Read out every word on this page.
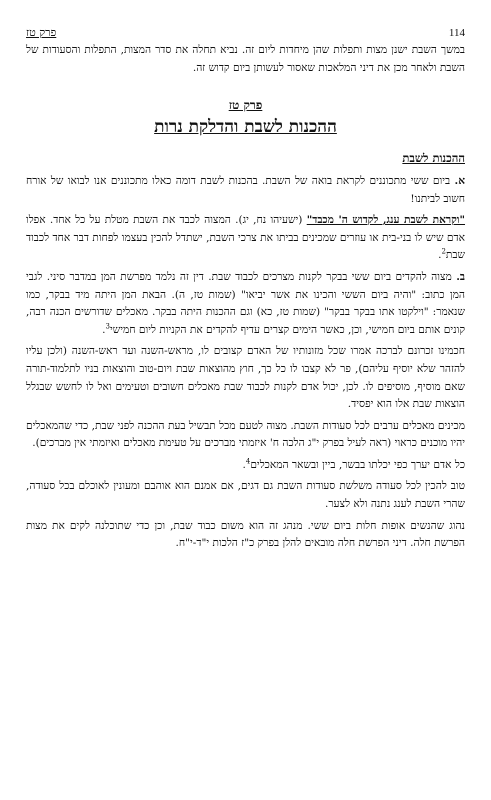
פרק טז	114

במשך השבת ישנן מצות ותפלות שהן מיחדות ליום זה. נביא תחלה את סדר המצות, התפלות והסעודות של השבת ולאחר מכן את דיני המלאכות שאסור לעשותן ביום קדוש זה.

פרק טז
ההכנות לשבת והדלקת נרות
ההכנות לשבת

א. ביום ששי מתכוננים לקראת בואה של השבת. בהכנות לשבת דומה כאלו מתכוננים אנו לבואו של אורח חשוב לביתנו!

"וקראת לשבת ענג, לקדוש ה' מכבד" (ישעיהו נח, יג). המצוה לכבד את השבת מטלת על כל אחד. אפלו אדם שיש לו בני-בית או עוזרים שמכינים בביתו את צרכי השבת, ישתדל להכין בעצמו לפחות דבר אחד לכבוד שבת$^2$.

ב. מצוה להקדים ביום ששי בבקר לקנות מצרכים לכבוד שבת. דין זה נלמד מפרשת המן במדבר סיני. לגבי המן כתוב: "והיה ביום הששי והכינו את אשר יביאו" (שמות טז, ה). הבאת המן היתה מיד בבקר, כמו שנאמר: "וילקטו אתו בבקר בבקר" (שמות טז, כא) וגם ההכנות היתה בבקר. מאכלים שדורשים הכנה רבה, קונים אותם ביום חמישי, וכן, כאשר הימים קצרים עדיף להקדים את הקניות ליום חמישי$^3$.

חכמינו זכרונם לברכה אמרו שכל מזונותיו של האדם קצובים לו, מראש-השנה ועד ראש-השנה (ולכן עליו להזהר שלא יוסיף עליהם), פר לא קצבו לו כל כך, חוץ מהוצאות שבת ויום-טוב והוצאות בניו לתלמוד-תורה שאם מוסיף, מוסיפים לו. לכן, יכול אדם לקנות לכבוד שבת מאכלים חשובים וטעימים ואל לו לחשש שבגלל הוצאות שבת אלו הוא יפסיד.

מכינים מאכלים ערבים לכל סעודות השבת. מצוה לטעם מכל תבשיל בעת ההכנה לפני שבת, כדי שהמאכלים יהיו מוכנים כראוי (ראה לעיל בפרק י"ג הלכה ח' איזמתי מברכים על טעימת מאכלים ואיזמתי אין מברכים).

כל אדם יערך כפי יכלתו בבשר, ביין ובשאר המאכלים$^4$.

טוב להכין לכל סעודה משלשת סעודות השבת גם דגים, אם אמנם הוא אוהבם ומעונין לאוכלם בכל סעודה, שהרי השבת לענג נתנה ולא לצער.

נהוג שהנשים אופות חלות ביום ששי. מנהג זה הוא משום כבוד שבת, וכן כדי שתוכלנה לקים את מצות הפרשת חלה. דיני הפרשת חלה מובאים להלן בפרק כ"ז הלכות י"ד-י"ח.
